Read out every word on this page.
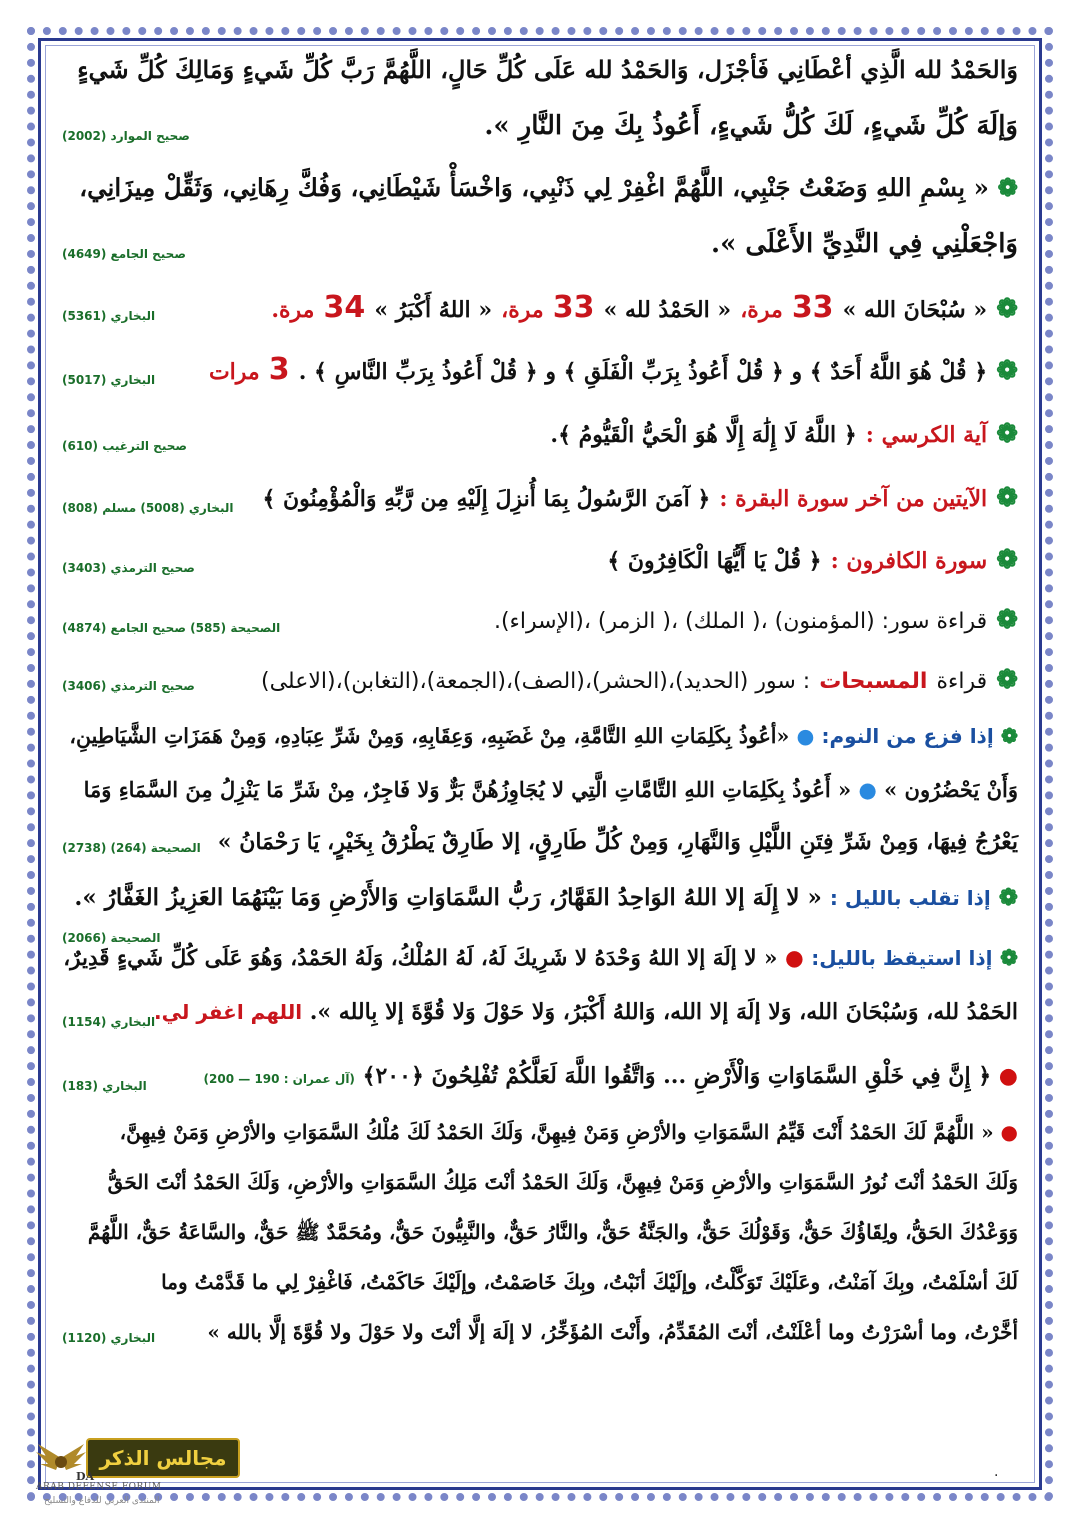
وَالحَمْدُ لله الَّذِي أعْطَانِي فَأجْزَل، وَالحَمْدُ لله عَلَى كُلِّ حَالٍ، اللَّهُمَّ رَبَّ كُلِّ شَيءٍ وَمَالِكَ كُلِّ شَيءٍ
وَإلَهَ كُلِّ شَيءٍ، لَكَ كُلُّ شَيءٍ، أَعُوذُ بِكَ مِنَ النَّارِ ».
صحيح الموارد (2002)
❁ « بِسْمِ اللهِ وَضَعْتُ جَنْبِي، اللَّهُمَّ اغْفِرْ لِي ذَنْبِي، وَاخْسَأْ شَيْطَانِي، وَفُكَّ رِهَانِي، وَثَقِّلْ مِيزَانِي،
وَاجْعَلْنِي فِي النَّدِيِّ الأَعْلَى ».
صحيح الجامع (4649)
❁ « سُبْحَانَ الله » 33 مرة، « الحَمْدُ لله » 33 مرة، « اللهُ أَكْبَرُ » 34 مرة.
البخاري (5361)
❁ ﴿ قُلْ هُوَ اللَّهُ أَحَدٌ ﴾ و ﴿ قُلْ أَعُوذُ بِرَبِّ الْفَلَقِ ﴾ و ﴿ قُلْ أَعُوذُ بِرَبِّ النَّاسِ ﴾ . 3 مرات
البخاري (5017)
❁ آية الكرسي : ﴿ اللَّهُ لَا إِلَٰهَ إِلَّا هُوَ الْحَيُّ الْقَيُّومُ ﴾.
صحيح الترغيب (610)
❁ الآيتين من آخر سورة البقرة : ﴿ آمَنَ الرَّسُولُ بِمَا أُنزِلَ إِلَيْهِ مِن رَّبِّهِ وَالْمُؤْمِنُونَ ﴾
البخاري (5008) مسلم (808)
❁ سورة الكافرون : ﴿ قُلْ يَا أَيُّهَا الْكَافِرُونَ ﴾
صحيح الترمذي (3403)
❁ قراءة سور: (المؤمنون) ،( الملك) ،( الزمر) ،(الإسراء).
الصحيحة (585) صحيح الجامع (4874)
❁ قراءة المسبحات : سور (الحديد)،(الحشر)،(الصف)،(الجمعة)،(التغابن)،(الاعلى)
صحيح الترمذي (3406)
❁ إذا فزع من النوم: ● «أعُوذُ بِكَلِمَاتِ اللهِ التَّامَّةِ، مِنْ غَضَبِهِ، وَعِقَابِهِ، وَمِنْ شَرِّ عِبَادِهِ، وَمِنْ هَمَزَاتِ الشَّيَاطِينِ،
وَأَنْ يَحْضُرُون » ● « أَعُوذُ بِكَلِمَاتِ اللهِ التَّامَّاتِ الَّتِي لا يُجَاوِزُهُنَّ بَرٌّ وَلا فَاجِرٌ، مِنْ شَرِّ مَا يَنْزِلُ مِنَ السَّمَاءِ وَمَا
يَعْرُجُ فِيهَا، وَمِنْ شَرِّ فِتَنِ اللَّيْلِ وَالنَّهَارِ، وَمِنْ كُلِّ طَارِقٍ، إلا طَارِقٌ يَطْرُقُ بِخَيْرٍ، يَا رَحْمَانُ »
الصحيحة (264) (2738)
❁ إذا تقلب بالليل : « لا إِلَهَ إلا اللهُ الوَاحِدُ القَهَّارُ، رَبُّ السَّمَاوَاتِ وَالأَرْضِ وَمَا بَيْنَهُمَا العَزِيزُ الغَفَّارُ ».
الصحيحة (2066)
❁ إذا استيقظ بالليل: ● « لا إلَهَ إلا اللهُ وَحْدَهُ لا شَرِيكَ لَهُ، لَهُ المُلْكُ، وَلَهُ الحَمْدُ، وَهُوَ عَلَى كُلِّ شَيءٍ قَدِيرٌ،
الحَمْدُ لله، وَسُبْحَانَ الله، وَلا إلَهَ إلا الله، وَاللهُ أَكْبَرُ، وَلا حَوْلَ وَلا قُوَّةَ إلا بِالله ». اللهم اغفر لي.
البخاري (1154)
● ﴿ إِنَّ فِي خَلْقِ السَّمَاوَاتِ وَالْأَرْضِ ... وَاتَّقُوا اللَّهَ لَعَلَّكُمْ تُفْلِحُونَ ﴿٢٠٠﴾ (آل عمران : 190 — 200)
البخاري (183)
● « اللَّهُمَّ لَكَ الحَمْدُ أَنْتَ قَيِّمُ السَّمَوَاتِ والأرْضِ وَمَنْ فِيهِنَّ، وَلَكَ الحَمْدُ لَكَ مُلْكُ السَّمَوَاتِ والأرْضِ وَمَنْ فِيهِنَّ،
وَلَكَ الحَمْدُ أنْتَ نُورُ السَّمَوَاتِ والأرْضِ وَمَنْ فِيهِنَّ، وَلَكَ الحَمْدُ أنْتَ مَلِكُ السَّمَوَاتِ والأرْضِ، وَلَكَ الحَمْدُ أنْتَ الحَقُّ
وَوَعْدُكَ الحَقُّ، ولِقَاؤُكَ حَقٌّ، وَقَوْلُكَ حَقٌّ، والجَنَّةُ حَقٌّ، والنَّارُ حَقٌّ، والنَّبِيُّونَ حَقٌّ، ومُحَمَّدٌ ﷺ حَقٌّ، والسَّاعَةُ حَقٌّ، اللَّهُمَّ
لَكَ أسْلَمْتُ، وبِكَ آمَنْتُ، وعَلَيْكَ تَوَكَّلْتُ، وإلَيْكَ أنَبْتُ، وبِكَ خَاصَمْتُ، وإلَيْكَ حَاكَمْتُ، فَاغْفِرْ لِي ما قَدَّمْتُ وما
أخَّرْتُ، وما أسْرَرْتُ وما أعْلَنْتُ، أنْتَ المُقَدِّمُ، وأَنْتَ المُؤَخِّرُ، لا إلَهَ إلَّا أنْتَ ولا حَوْلَ ولا قُوَّةَ إلَّا بالله »
البخاري (1120)
مجالس الذكر
DA
ARAB DEFENSE FORUM
المنتدى العربي للدفاع والتسليح
.
